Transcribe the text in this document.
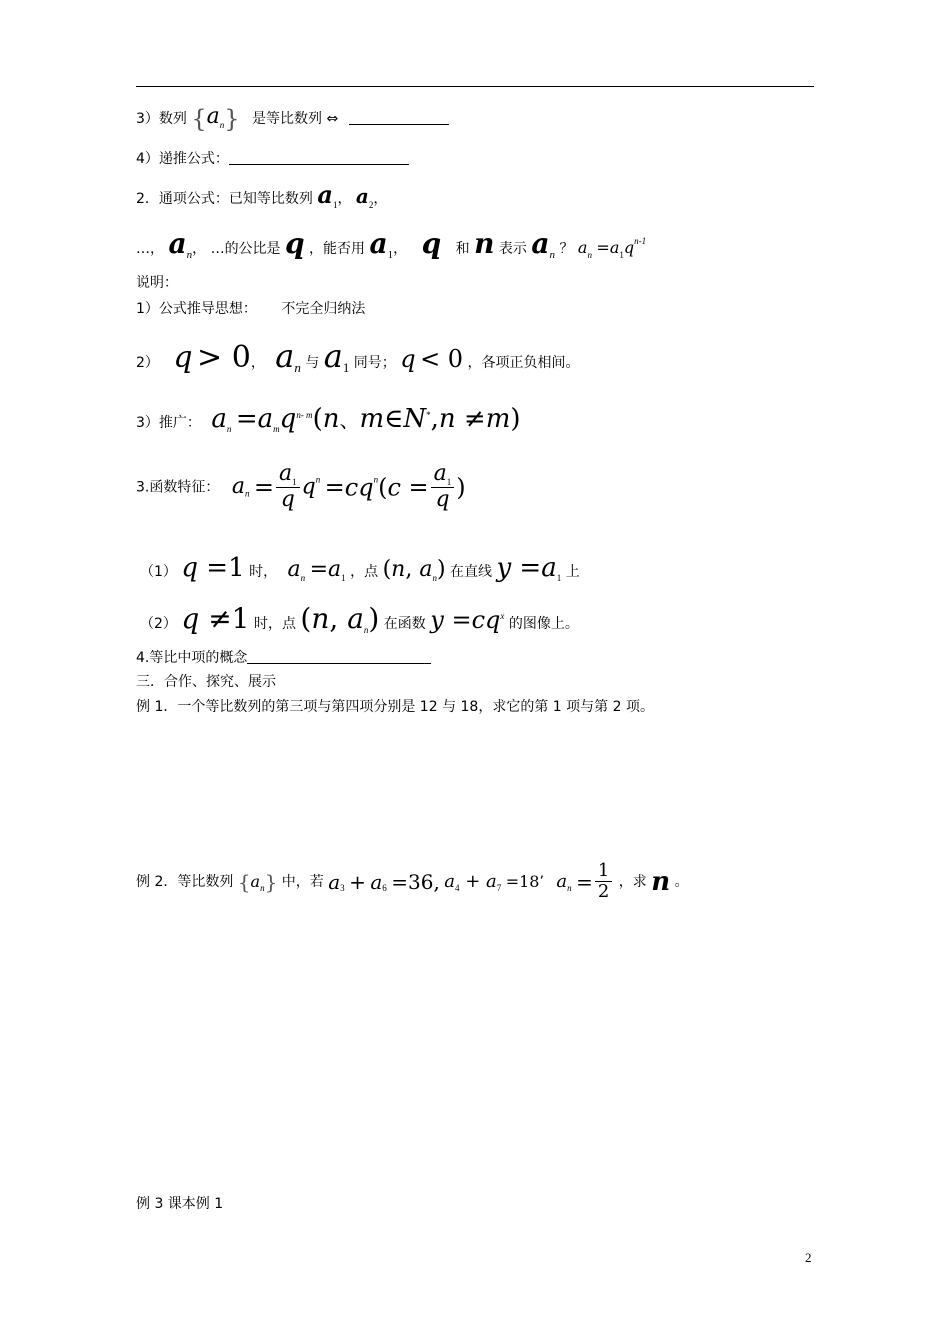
3）数列 $\{a_n\}$ 是等比数列 ⇔
4）递推公式：
2．通项公式：已知等比数列 $a_1$， $a_2$，
…， $a_n$， …的公比是 q ，能否用 $a_1$， q 和 n 表示 $a_n$ ？ $a_n =a_1q^{n-1}$
说明：
1）公式推导思想： 不完全归纳法
2） q > 0， an 与 a1 同号； q < 0 ，各项正负相间。
3）推广： $a_n =a_mq^{n- m}(n$、m∈N*,n ≠m)
3.函数特征： $a_n = \frac{a_1}{q} q^n =cq^n(c = \frac{a_1}{q}$ )
（1） q =1 时， $a_n =a_1$ ，点 (n, $a_n$) 在直线 $y =a_1$ 上
（2） q ≠1 时，点 (n, $a_n$) 在函数 $y =cq^x$ 的图像上。
4.等比中项的概念
三．合作、探究、展示
例 1．一个等比数列的第三项与第四项分别是 12 与 18，求它的第 1 项与第 2 项。
例 2．等比数列 $\{a_n\}$ 中，若 $a_3 + a_6 =36$, $a_4 + a_7 =18$’ $a_n = \frac{1}{2}$ ，求 n 。
例 3 课本例 1
2
